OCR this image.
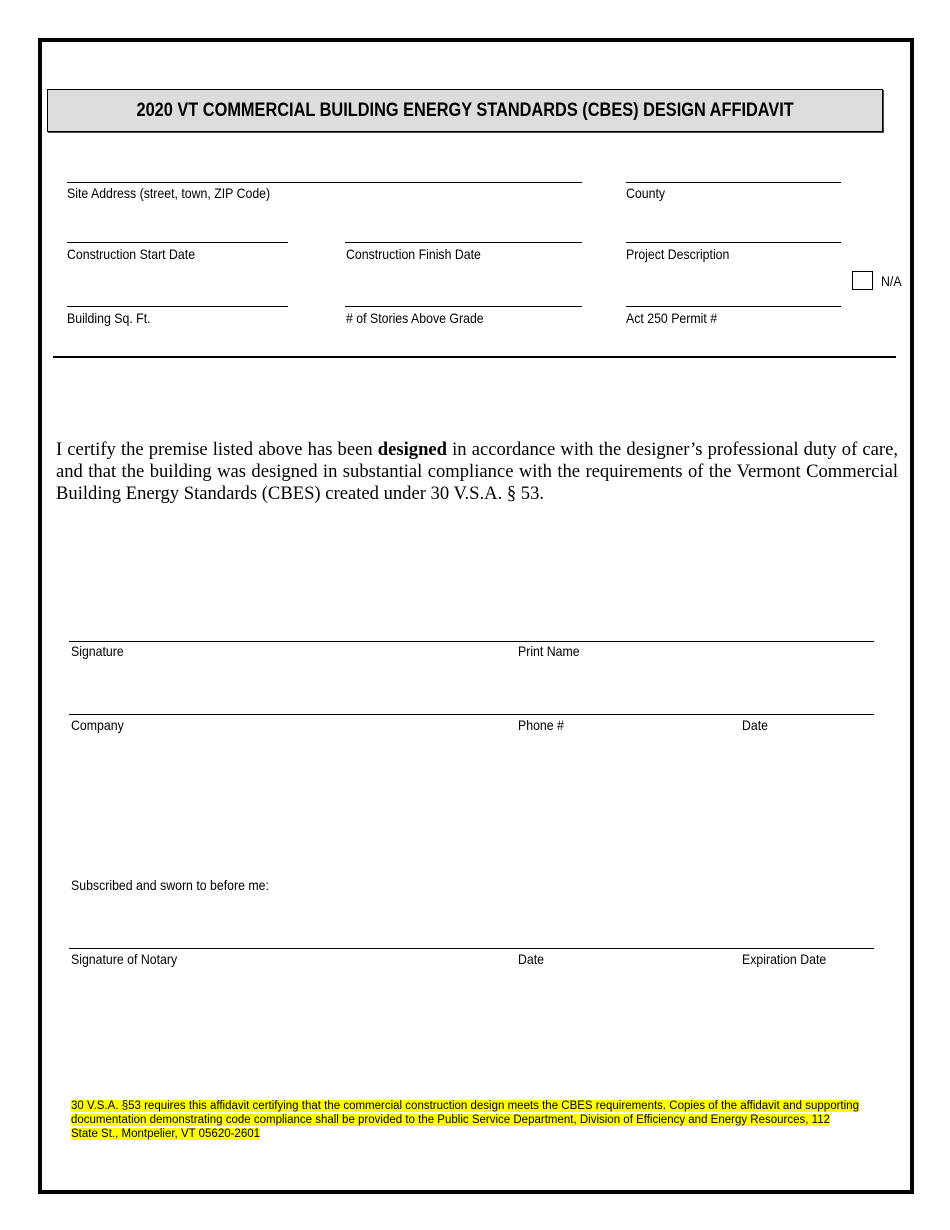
2020 VT COMMERCIAL BUILDING ENERGY STANDARDS (CBES) DESIGN AFFIDAVIT
Site Address (street, town, ZIP Code)	County
Construction Start Date	Construction Finish Date	Project Description
N/A
Building Sq. Ft.	# of Stories Above Grade	Act 250 Permit #

I certify the premise listed above has been designed in accordance with the designer’s professional duty of care, and that the building was designed in substantial compliance with the requirements of the Vermont Commercial Building Energy Standards (CBES) created under 30 V.S.A. § 53.

Signature	Print Name
Company	Phone #	Date
Subscribed and sworn to before me:
Signature of Notary	Date	Expiration Date
30 V.S.A. §53 requires this affidavit certifying that the commercial construction design meets the CBES requirements. Copies of the affidavit and supporting documentation demonstrating code compliance shall be provided to the Public Service Department, Division of Efficiency and Energy Resources, 112 State St., Montpelier, VT 05620-2601
